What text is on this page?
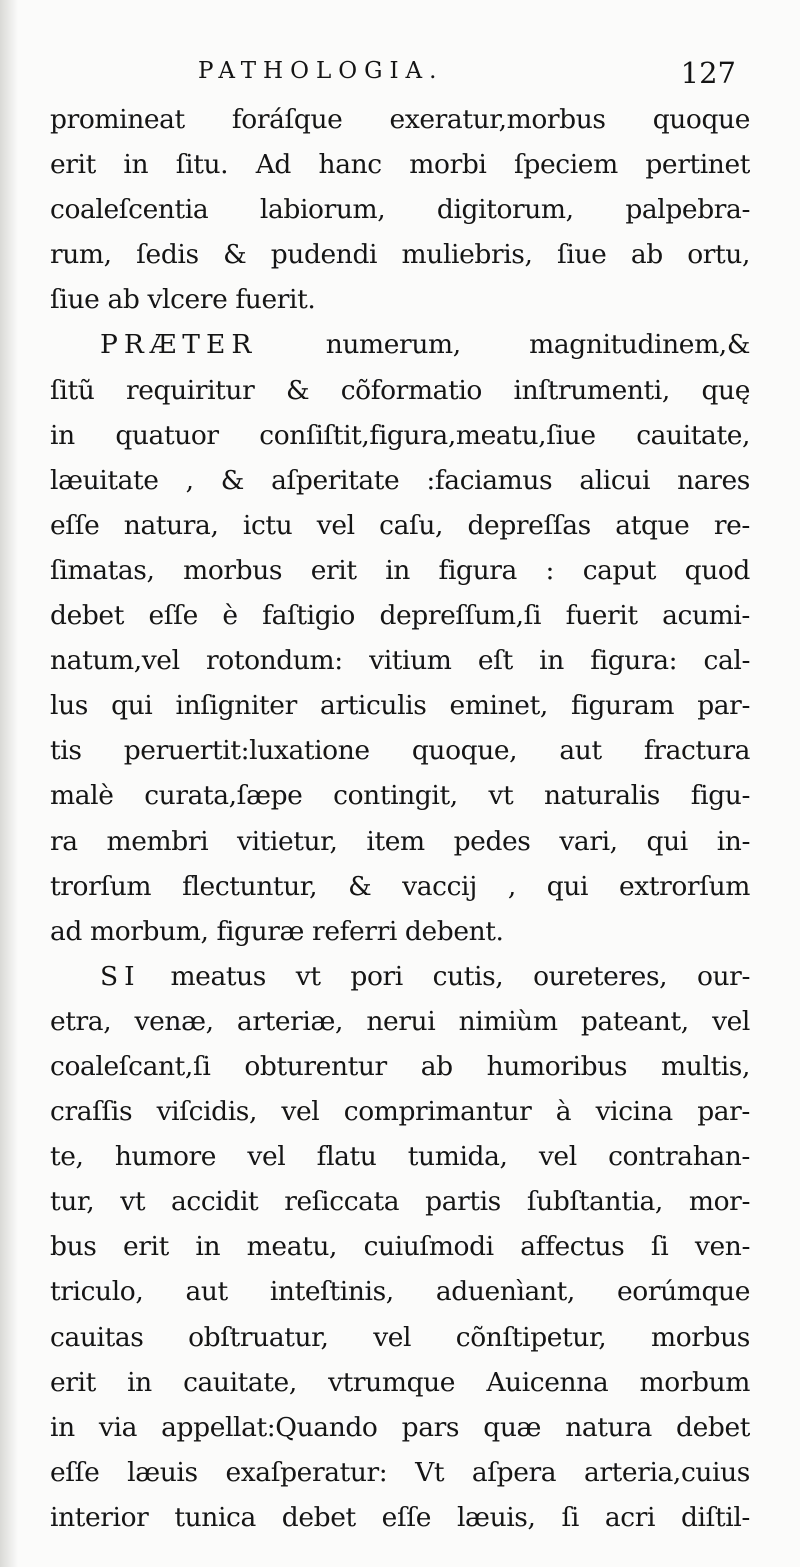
PATHOLOGIA.	127
promineat foráſque exeratur,morbus quoque
erit in ſitu. Ad hanc morbi ſpeciem pertinet
coaleſcentia labiorum, digitorum, palpebra-
rum, ſedis & pudendi muliebris, ſiue ab ortu,
ſiue ab vlcere fuerit.
PRÆTER	numerum, magnitudinem,&
ſitũ requiritur & cõformatio inſtrumenti, quę
in quatuor conſiſtit,figura,meatu,ſiue cauitate,
læuitate , & aſperitate :faciamus alicui nares
eſſe natura, ictu vel caſu, depreſſas atque re-
ſimatas, morbus erit in figura : caput quod
debet eſſe è faſtigio depreſſum,ſi fuerit acumi-
natum,vel rotondum: vitium eſt in figura: cal-
lus qui inſigniter articulis eminet, figuram par-
tis peruertit:luxatione quoque, aut fractura
malè curata,ſæpe contingit, vt naturalis figu-
ra membri vitietur, item pedes vari, qui in-
trorſum flectuntur, & vaccij , qui extrorſum
ad morbum, figuræ referri debent.
SI meatus vt pori cutis, oureteres, our-
etra, venæ, arteriæ, nerui nimiùm pateant, vel
coaleſcant,ſi obturentur ab humoribus multis,
craſſis viſcidis, vel comprimantur à vicina par-
te, humore vel flatu tumida, vel contrahan-
tur, vt accidit reſiccata partis ſubſtantia, mor-
bus erit in meatu, cuiuſmodi affectus ſi ven-
triculo, aut inteſtinis, aduenìant, eorúmque
cauitas obſtruatur, vel cõnſtipetur, morbus
erit in cauitate, vtrumque Auicenna morbum
in via appellat:Quando pars quæ natura debet
eſſe læuis exaſperatur: Vt aſpera arteria,cuius
interior tunica debet eſſe læuis, ſi acri diſtil-
